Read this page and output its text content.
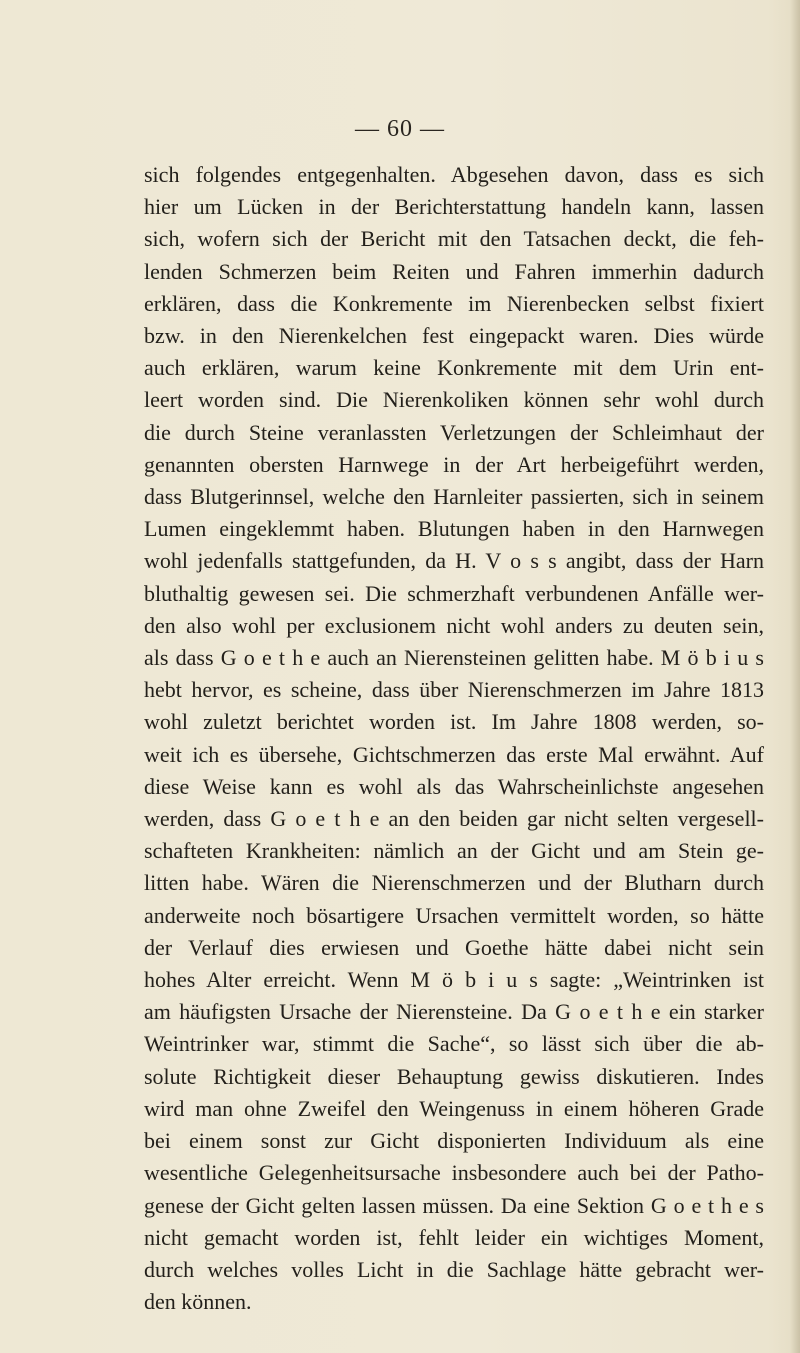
— 60 —
sich folgendes entgegenhalten. Abgesehen davon, dass es sich
hier um Lücken in der Berichterstattung handeln kann, lassen
sich, wofern sich der Bericht mit den Tatsachen deckt, die feh-
lenden Schmerzen beim Reiten und Fahren immerhin dadurch
erklären, dass die Konkremente im Nierenbecken selbst fixiert
bzw. in den Nierenkelchen fest eingepackt waren. Dies würde
auch erklären, warum keine Konkremente mit dem Urin ent-
leert worden sind. Die Nierenkoliken können sehr wohl durch
die durch Steine veranlassten Verletzungen der Schleimhaut der
genannten obersten Harnwege in der Art herbeigeführt werden,
dass Blutgerinnsel, welche den Harnleiter passierten, sich in seinem
Lumen eingeklemmt haben. Blutungen haben in den Harnwegen
wohl jedenfalls stattgefunden, da H. V o s s angibt, dass der Harn
bluthaltig gewesen sei. Die schmerzhaft verbundenen Anfälle wer-
den also wohl per exclusionem nicht wohl anders zu deuten sein,
als dass G o e t h e auch an Nierensteinen gelitten habe. M ö b i u s
hebt hervor, es scheine, dass über Nierenschmerzen im Jahre 1813
wohl zuletzt berichtet worden ist. Im Jahre 1808 werden, so-
weit ich es übersehe, Gichtschmerzen das erste Mal erwähnt. Auf
diese Weise kann es wohl als das Wahrscheinlichste angesehen
werden, dass G o e t h e an den beiden gar nicht selten vergesell-
schafteten Krankheiten: nämlich an der Gicht und am Stein ge-
litten habe. Wären die Nierenschmerzen und der Blutharn durch
anderweite noch bösartigere Ursachen vermittelt worden, so hätte
der Verlauf dies erwiesen und Goethe hätte dabei nicht sein
hohes Alter erreicht. Wenn M ö b i u s sagte: „Weintrinken ist
am häufigsten Ursache der Nierensteine. Da G o e t h e ein starker
Weintrinker war, stimmt die Sache“, so lässt sich über die ab-
solute Richtigkeit dieser Behauptung gewiss diskutieren. Indes
wird man ohne Zweifel den Weingenuss in einem höheren Grade
bei einem sonst zur Gicht disponierten Individuum als eine
wesentliche Gelegenheitsursache insbesondere auch bei der Patho-
genese der Gicht gelten lassen müssen. Da eine Sektion G o e t h e s
nicht gemacht worden ist, fehlt leider ein wichtiges Moment,
durch welches volles Licht in die Sachlage hätte gebracht wer-
den können.
